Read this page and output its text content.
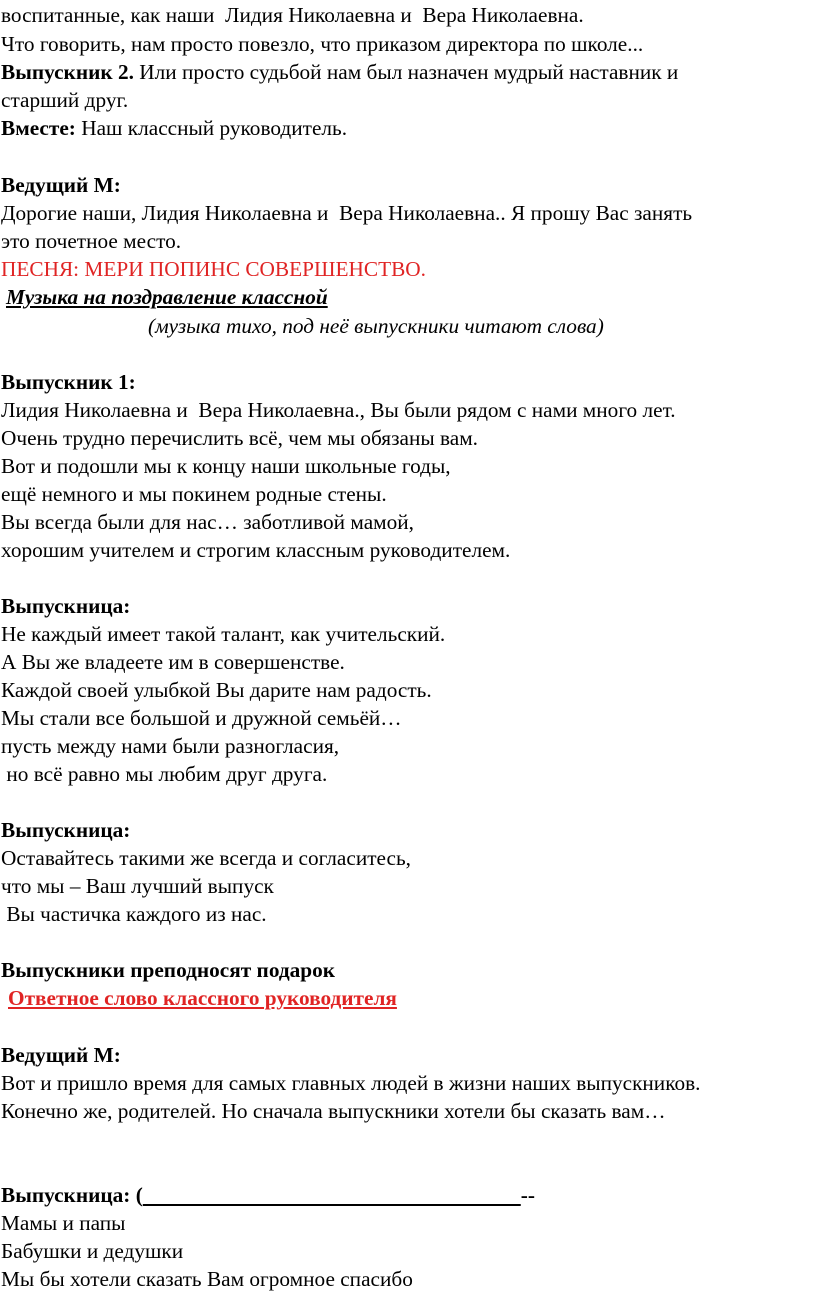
воспитанные, как наши  Лидия Николаевна и  Вера Николаевна.
Что говорить, нам просто повезло, что приказом директора по школе...
Выпускник 2. Или просто судьбой нам был назначен мудрый наставник и
старший друг.
Вместе: Наш классный руководитель.
Ведущий М:
Дорогие наши, Лидия Николаевна и  Вера Николаевна.. Я прошу Вас занять
это почетное место.
ПЕСНЯ: МЕРИ ПОПИНС СОВЕРШЕНСТВО.
Музыка на поздравление классной
(музыка тихо, под неё выпускники читают слова)
Выпускник 1:
Лидия Николаевна и  Вера Николаевна., Вы были рядом с нами много лет.
Очень трудно перечислить всё, чем мы обязаны вам.
Вот и подошли мы к концу наши школьные годы,
ещё немного и мы покинем родные стены.
Вы всегда были для нас… заботливой мамой,
хорошим учителем и строгим классным руководителем.
Выпускница:
Не каждый имеет такой талант, как учительский.
А Вы же владеете им в совершенстве.
Каждой своей улыбкой Вы дарите нам радость.
Мы стали все большой и дружной семьёй…
пусть между нами были разногласия,
но всё равно мы любим друг друга.
Выпускница:
Оставайтесь такими же всегда и согласитесь,
что мы – Ваш лучший выпуск
Вы частичка каждого из нас.
Выпускники преподносят подарок
Ответное слово классного руководителя
Ведущий М:
Вот и пришло время для самых главных людей в жизни наших выпускников.
Конечно же, родителей. Но сначала выпускники хотели бы сказать вам…
Выпускница: (	--
Мамы и папы
Бабушки и дедушки
Мы бы хотели сказать Вам огромное спасибо
